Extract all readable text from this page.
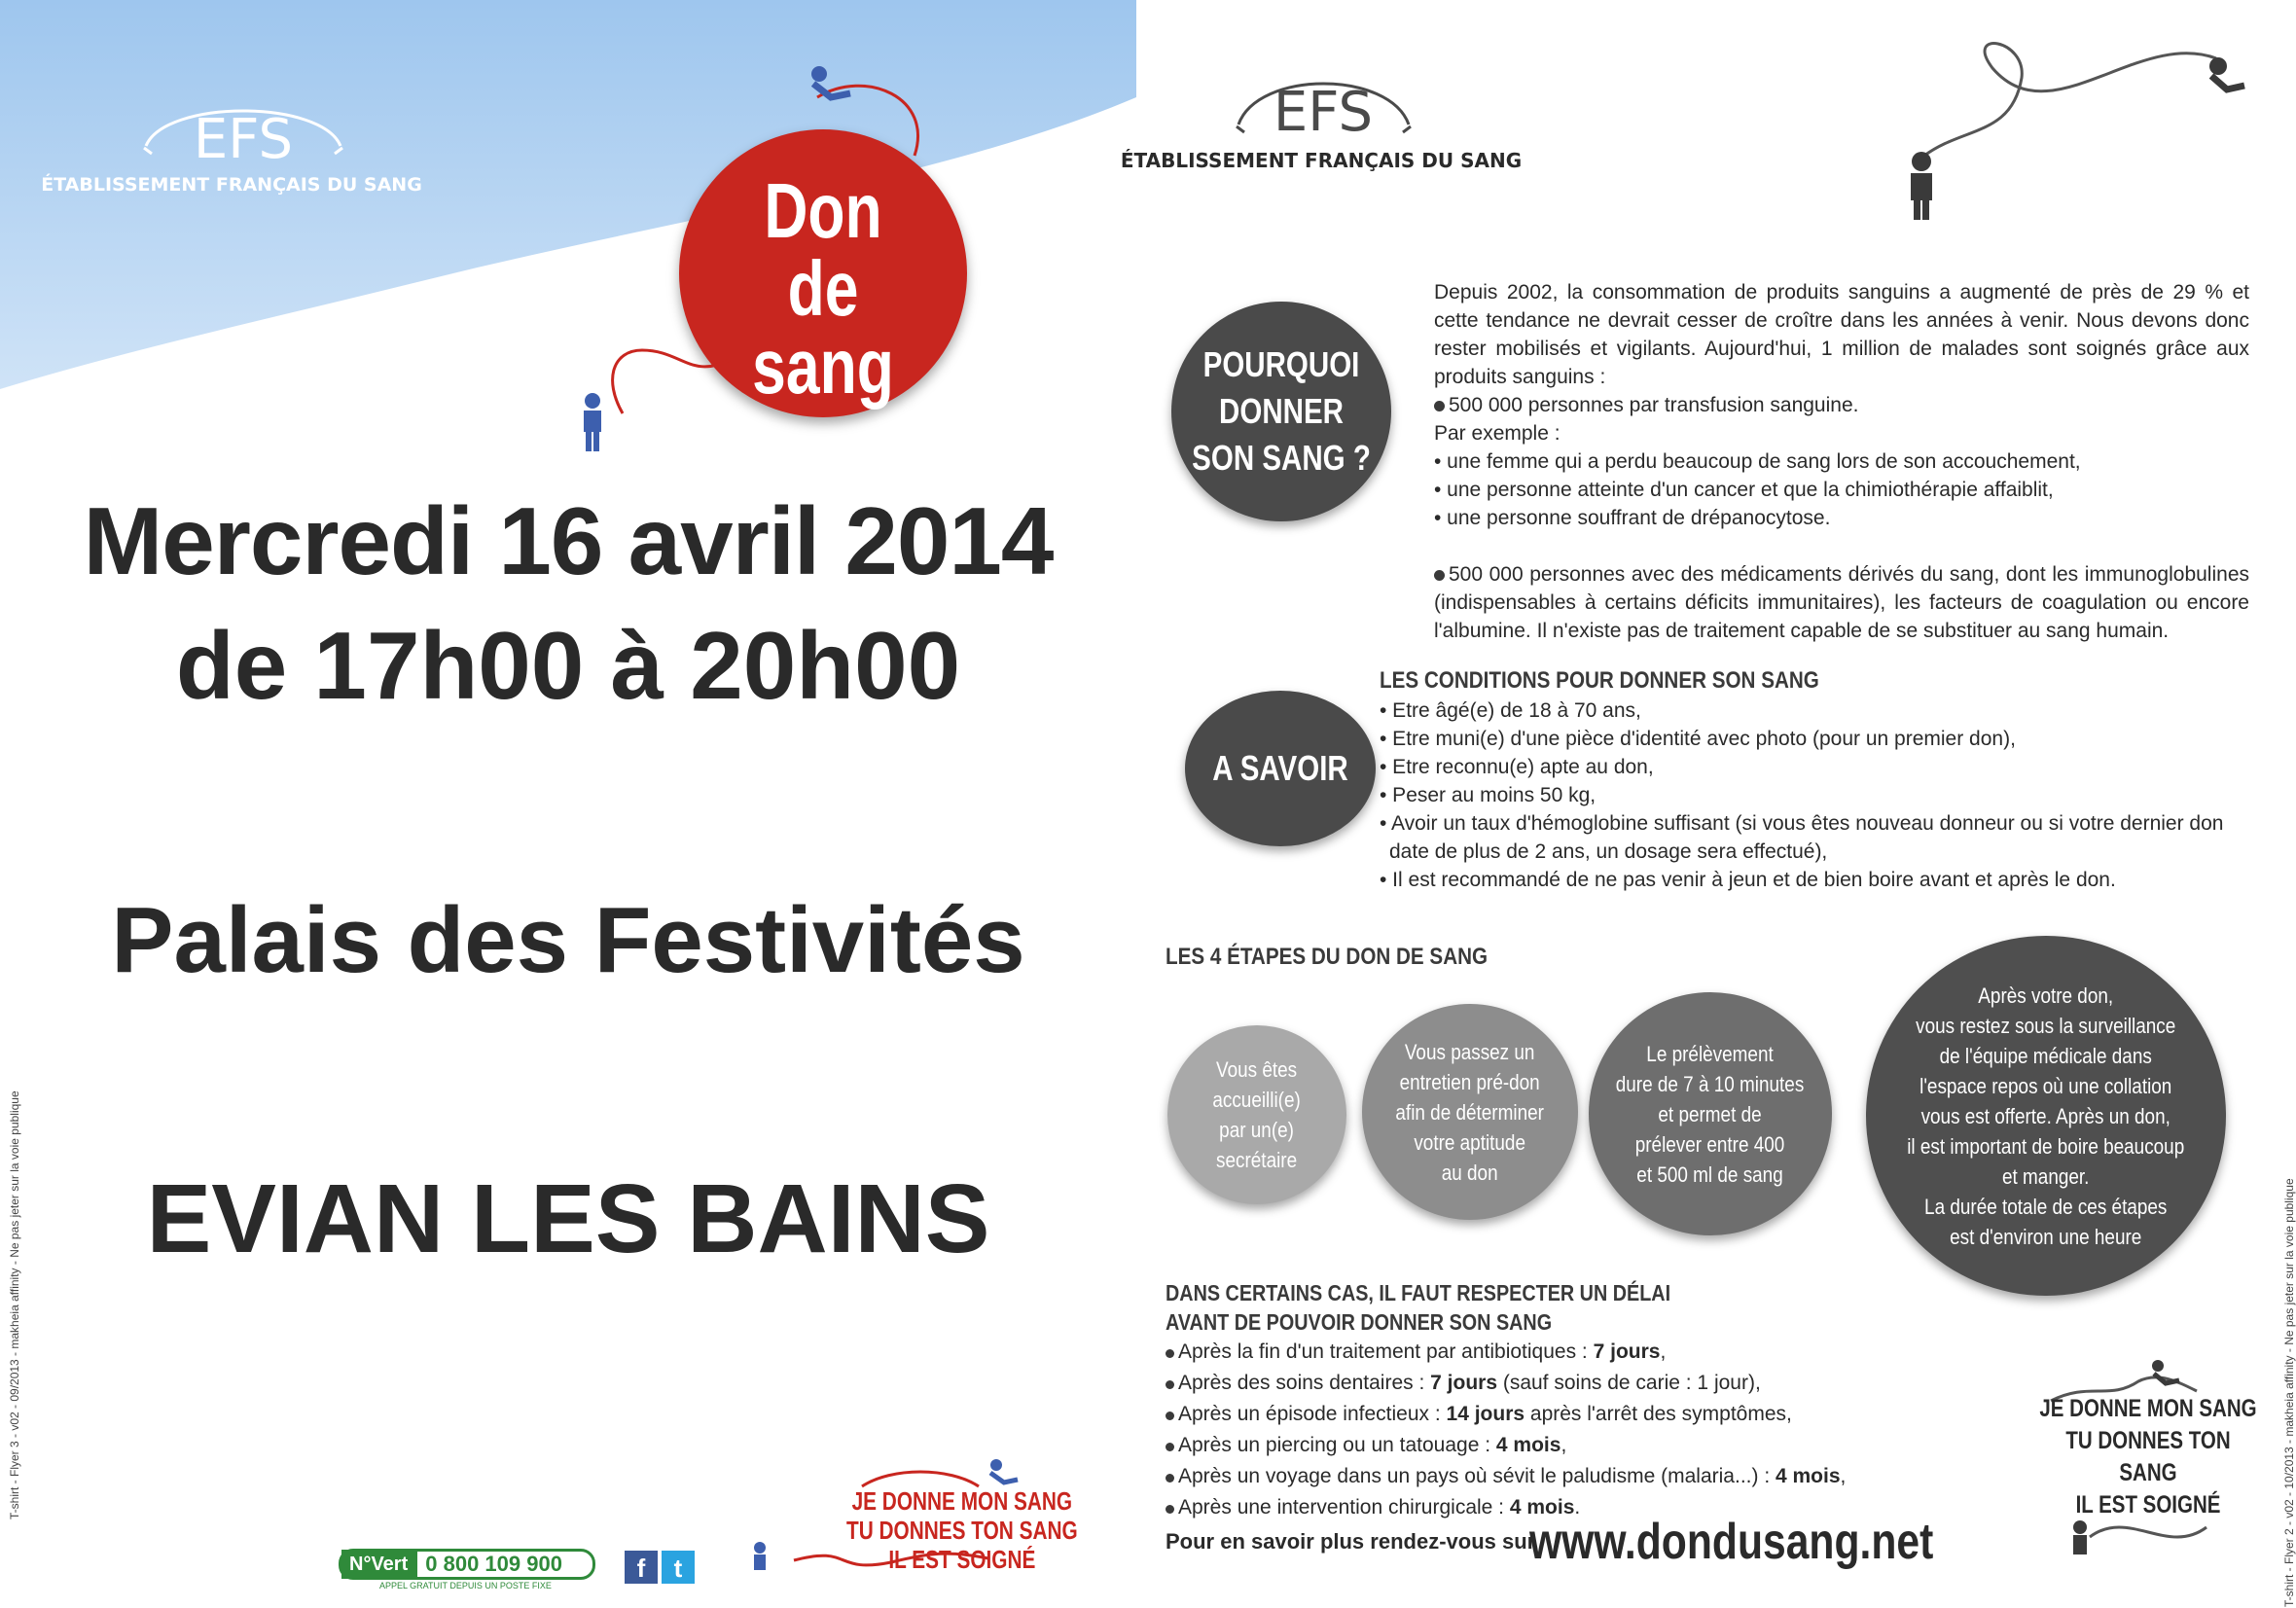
EFS
ÉTABLISSEMENT FRANÇAIS DU SANG	Don
de sang
Mercredi 16 avril 2014
de 17h00 à 20h00
Palais des Festivités
EVIAN LES BAINS
T-shirt - Flyer 3 - v02 - 09/2013 - makheia affinity - Ne pas jeter sur la voie publique
N°Vert 0 800 109 900
APPEL GRATUIT DEPUIS UN POSTE FIXE
f	t
JE DONNE MON SANG
TU DONNES TON SANG
IL EST SOIGNÉ
EFS
ÉTABLISSEMENT FRANÇAIS DU SANG
POURQUOI
DONNER
SON SANG ?

Depuis 2002, la consommation de produits sanguins a augmenté de près de 29 % et cette tendance ne devrait cesser de croître dans les années à venir. Nous devons donc rester mobilisés et vigilants. Aujourd'hui, 1 million de malades sont soignés grâce aux produits sanguins :

500 000 personnes par transfusion sanguine.

Par exemple :

• une femme qui a perdu beaucoup de sang lors de son accouchement,

• une personne atteinte d'un cancer et que la chimiothérapie affaiblit,

• une personne souffrant de drépanocytose.

500 000 personnes avec des médicaments dérivés du sang, dont les immunoglobulines (indispensables à certains déficits immunitaires), les facteurs de coagulation ou encore l'albumine. Il n'existe pas de traitement capable de se substituer au sang humain.

A SAVOIR
LES CONDITIONS POUR DONNER SON SANG

• Etre âgé(e) de 18 à 70 ans,

• Etre muni(e) d'une pièce d'identité avec photo (pour un premier don),

• Etre reconnu(e) apte au don,

• Peser au moins 50 kg,

• Avoir un taux d'hémoglobine suffisant (si vous êtes nouveau donneur ou si votre dernier don

date de plus de 2 ans, un dosage sera effectué),

• Il est recommandé de ne pas venir à jeun et de bien boire avant et après le don.

LES 4 ÉTAPES DU DON DE SANG
Vous êtes
accueilli(e)
par un(e)
secrétaire
Vous passez un
entretien pré-don
afin de déterminer
votre aptitude
au don
Le prélèvement
dure de 7 à 10 minutes
et permet de
prélever entre 400
et 500 ml de sang
Après votre don,
vous restez sous la surveillance
de l'équipe médicale dans
l'espace repos où une collation
vous est offerte. Après un don,
il est important de boire beaucoup
et manger.
La durée totale de ces étapes
est d'environ une heure
DANS CERTAINS CAS, IL FAUT RESPECTER UN DÉLAI
AVANT DE POUVOIR DONNER SON SANG

Après la fin d'un traitement par antibiotiques : 7 jours,

Après des soins dentaires : 7 jours (sauf soins de carie : 1 jour),

Après un épisode infectieux : 14 jours après l'arrêt des symptômes,

Après un piercing ou un tatouage : 4 mois,

Après un voyage dans un pays où sévit le paludisme (malaria...) : 4 mois,

Après une intervention chirurgicale : 4 mois.

JE DONNE MON SANG
TU DONNES TON SANG
IL EST SOIGNÉ
Pour en savoir plus rendez-vous sur
www.dondusang.net	T-shirt - Flyer 2 - v02 - 10/2013 - makheia affinity - Ne pas jeter sur la voie publique
